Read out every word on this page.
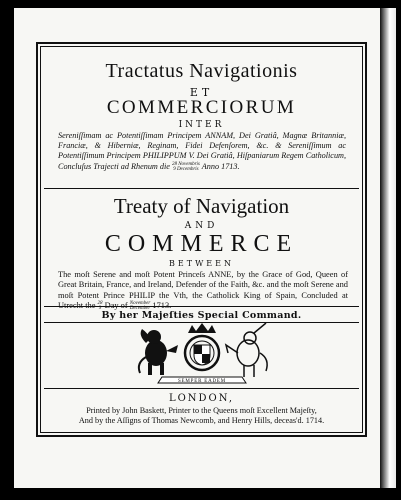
Tractatus Navigationis
ET
COMMERCIORUM
INTER
Sereniſſimam ac Potentiſſimam Principem ANNAM, Dei Gratiâ, Magnæ Britanniæ, Franciæ, & Hiberniæ, Reginam, Fidei Defenſorem, &c. & Sereniſſimum ac Potentiſſimum Principem PHILIPPUM V. Dei Gratiâ, Hiſpaniarum Regem Catholicum, Concluſus Trajecti ad Rhenum die 28 Novembris
9 Decembris Anno 1713.
Treaty of Navigation
AND
COMMERCE
BETWEEN
The moſt Serene and moſt Potent Princeſs ANNE, by the Grace of God, Queen of Great Britain, France, and Ireland, Defender of the Faith, &c. and the moſt Serene and moſt Potent Prince PHILIP the Vth, the Catholick King of Spain, Concluded at Utrecht the 28
9 Day of November
December 1713.
By her Majeſties Special Command.
SEMPER EADEM
LONDON,
Printed by John Baskett, Printer to the Queens moſt Excellent Majeſty,
And by the Aſſigns of Thomas Newcomb, and Henry Hills, deceas'd. 1714.
